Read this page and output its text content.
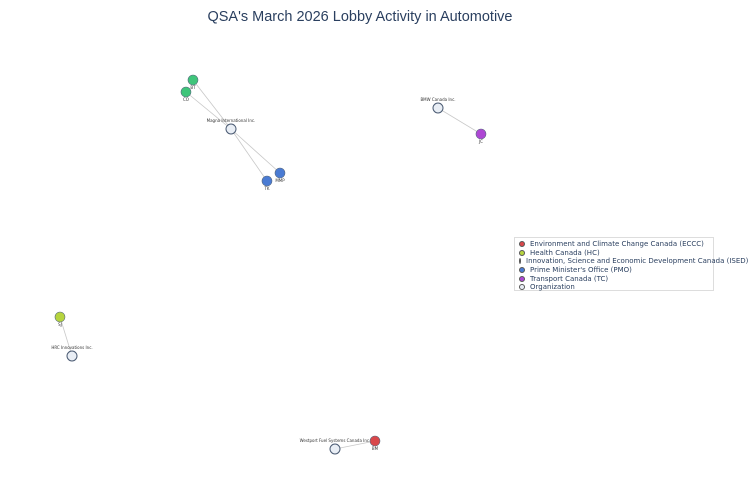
QSA's March 2026 Lobby Activity in Automotive
Magna International Inc.
BT
CO
MMP
TK
BMW Canada Inc.
JC
SJ
HRC Innovations Inc.
Westport Fuel Systems Canada Inc.
BM
Environment and Climate Change Canada (ECCC)
Health Canada (HC)
Innovation, Science and Economic Development Canada (ISED)
Prime Minister's Office (PMO)
Transport Canada (TC)
Organization
